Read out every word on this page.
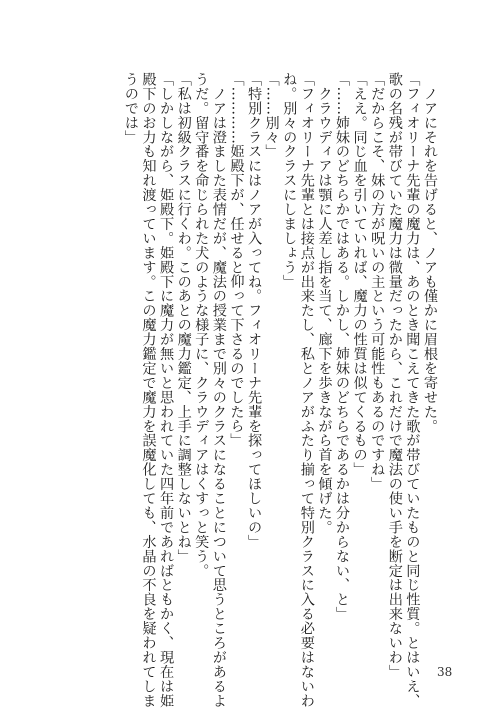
　ノアにそれを告げると、ノアも僅かに眉根を寄せた。
「フィオリーナ先輩の魔力は、あのとき聞こえてきた歌が帯びていたものと同じ性質。とはいえ、
歌の名残が帯びていた魔力は微量だったから、これだけで魔法の使い手を断定は出来ないわ」
「だからこそ、妹の方が呪いの主という可能性もあるのですね」
「ええ。同じ血を引いていれば、魔力の性質は似てくるもの」
「……姉妹のどちらかではある。しかし、姉妹のどちらであるかは分からない、と」
　クラウディアは顎に人差し指を当て、廊下を歩きながら首を傾げた。
「フィオリーナ先輩とは接点が出来たし、私とノアがふたり揃って特別クラスに入る必要はないわ
ね。別々のクラスにしましょう」
「……別々」
「特別クラスにはノアが入ってね。フィオリーナ先輩を探ってほしいの」
「…………姫殿下が、任せると仰って下さるのでしたら」
　ノアは澄ました表情だが、魔法の授業まで別々のクラスになることについて思うところがあるよ
うだ。留守番を命じられた犬のような様子に、クラウディアはくすっと笑う。
「私は初級クラスに行くわ。このあとの魔力鑑定、上手に調整しないとね」
「しかしながら、姫殿下。姫殿下に魔力が無いと思われていた四年前であればともかく、現在は姫
殿下のお力も知れ渡っています。この魔力鑑定で魔力を誤魔化しても、水晶の不良を疑われてしま
うのでは」
38
